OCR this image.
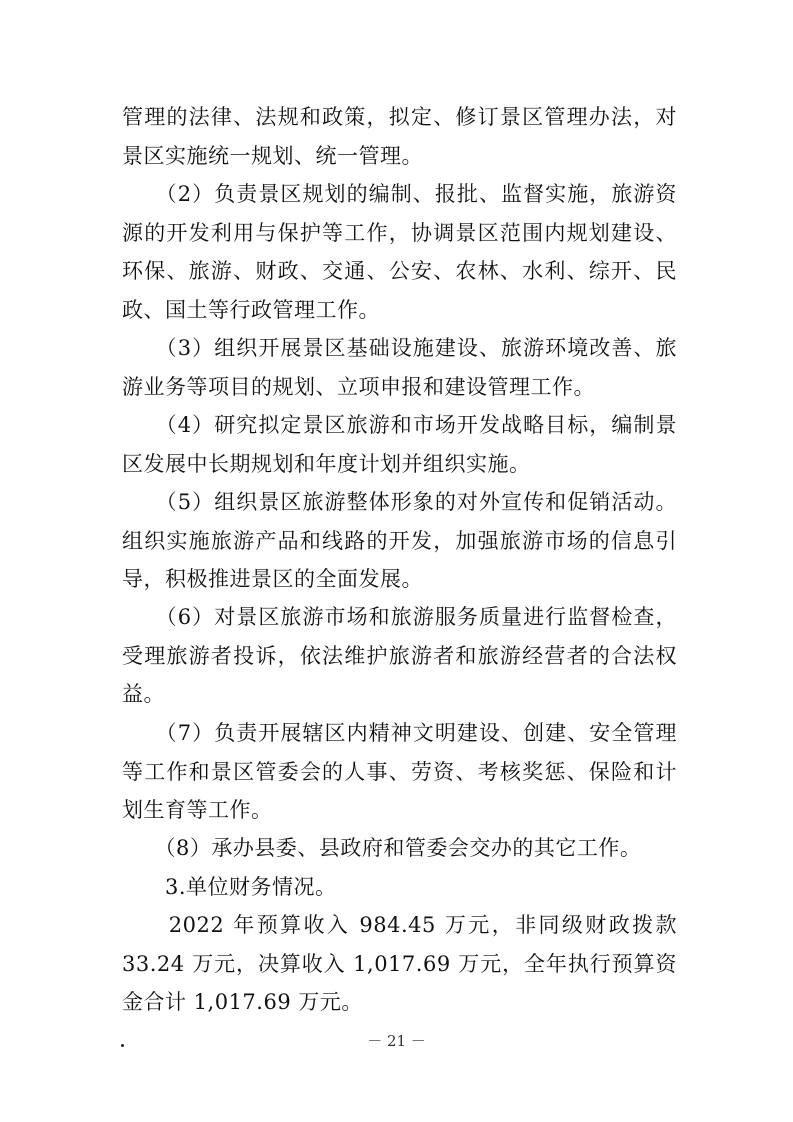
管理的法律、法规和政策，拟定、修订景区管理办法，对景区实施统一规划、统一管理。

　　（2）负责景区规划的编制、报批、监督实施，旅游资源的开发利用与保护等工作，协调景区范围内规划建设、环保、旅游、财政、交通、公安、农林、水利、综开、民政、国土等行政管理工作。

　　（3）组织开展景区基础设施建设、旅游环境改善、旅游业务等项目的规划、立项申报和建设管理工作。

　　（4）研究拟定景区旅游和市场开发战略目标，编制景区发展中长期规划和年度计划并组织实施。

　　（5）组织景区旅游整体形象的对外宣传和促销活动。组织实施旅游产品和线路的开发，加强旅游市场的信息引导，积极推进景区的全面发展。

　　（6）对景区旅游市场和旅游服务质量进行监督检查，受理旅游者投诉，依法维护旅游者和旅游经营者的合法权益。

　　（7）负责开展辖区内精神文明建设、创建、安全管理等工作和景区管委会的人事、劳资、考核奖惩、保险和计划生育等工作。

　　（8）承办县委、县政府和管委会交办的其它工作。

　　3.单位财务情况。

　　2022 年预算收入 984.45 万元，非同级财政拨款 33.24 万元，决算收入 1,017.69 万元，全年执行预算资金合计 1,017.69 万元。

－ 21 －
